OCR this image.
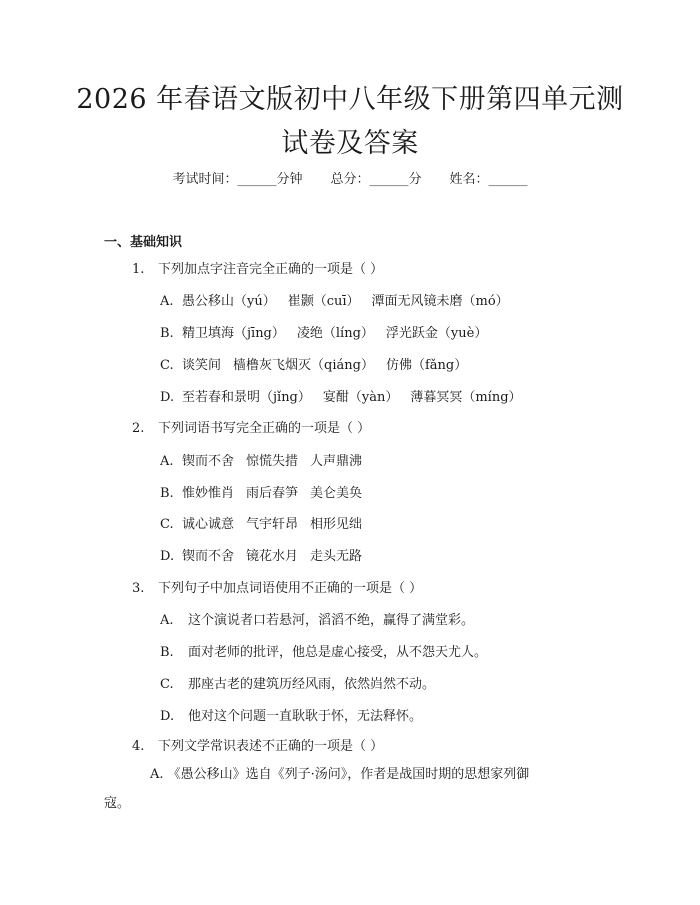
2026 年春语文版初中八年级下册第四单元测
试卷及答案
考试时间：______分钟 总分：______分 姓名：______
一、基础知识
1. 下列加点字注音完全正确的一项是（ ）
A. 愚公移山（yú） 崔颢（cuī） 潭面无风镜未磨（mó）
B. 精卫填海（jīng） 凌绝（líng） 浮光跃金（yuè）
C. 谈笑间 樯橹灰飞烟灭（qiáng） 仿佛（fǎng）
D. 至若春和景明（jǐng） 宴酣（yàn） 薄暮冥冥（míng）
2. 下列词语书写完全正确的一项是（ ）
A. 锲而不舍 惊慌失措 人声鼎沸
B. 惟妙惟肖 雨后春笋 美仑美奂
C. 诚心诚意 气宇轩昂 相形见绌
D. 锲而不舍 镜花水月 走头无路
3. 下列句子中加点词语使用不正确的一项是（ ）
A. 这个演说者口若悬河，滔滔不绝，赢得了满堂彩。
B. 面对老师的批评，他总是虚心接受，从不怨天尤人。
C. 那座古老的建筑历经风雨，依然岿然不动。
D. 他对这个问题一直耿耿于怀，无法释怀。
4. 下列文学常识表述不正确的一项是（ ）
A. 《愚公移山》选自《列子·汤问》，作者是战国时期的思想家列御
寇。
